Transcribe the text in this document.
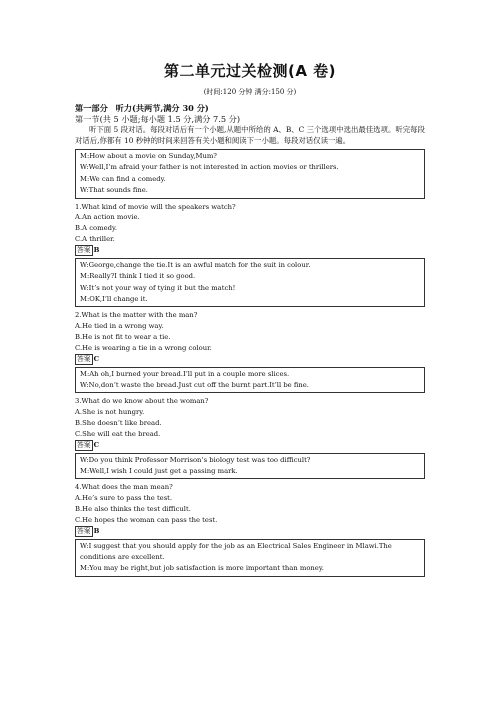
第二单元过关检测(A 卷)
(时间:120 分钟 满分:150 分)
第一部分 听力(共两节,满分 30 分)
第一节(共 5 小题;每小题 1.5 分,满分 7.5 分)
听下面 5 段对话。每段对话后有一个小题,从题中所给的 A、B、C 三个选项中选出最佳选项。听完每段对话后,你都有 10 秒钟的时间来回答有关小题和阅读下一小题。每段对话仅读一遍。
M:How about a movie on Sunday,Mum?
W:Well,I’m afraid your father is not interested in action movies or thrillers.
M:We can find a comedy.
W:That sounds fine.
1.What kind of movie will the speakers watch?
A.An action movie.
B.A comedy.
C.A thriller.
答案 B
W:George,change the tie.It is an awful match for the suit in colour.
M:Really?I think I tied it so good.
W:It’s not your way of tying it but the match!
M:OK,I’ll change it.
2.What is the matter with the man?
A.He tied in a wrong way.
B.He is not fit to wear a tie.
C.He is wearing a tie in a wrong colour.
答案 C
M:Ah oh,I burned your bread.I’ll put in a couple more slices.
W:No,don’t waste the bread.Just cut off the burnt part.It’ll be fine.
3.What do we know about the woman?
A.She is not hungry.
B.She doesn’t like bread.
C.She will eat the bread.
答案 C
W:Do you think Professor Morrison’s biology test was too difficult?
M:Well,I wish I could just get a passing mark.
4.What does the man mean?
A.He’s sure to pass the test.
B.He also thinks the test difficult.
C.He hopes the woman can pass the test.
答案 B
W:I suggest that you should apply for the job as an Electrical Sales Engineer in Mlawi.The conditions are excellent.
M:You may be right,but job satisfaction is more important than money.
